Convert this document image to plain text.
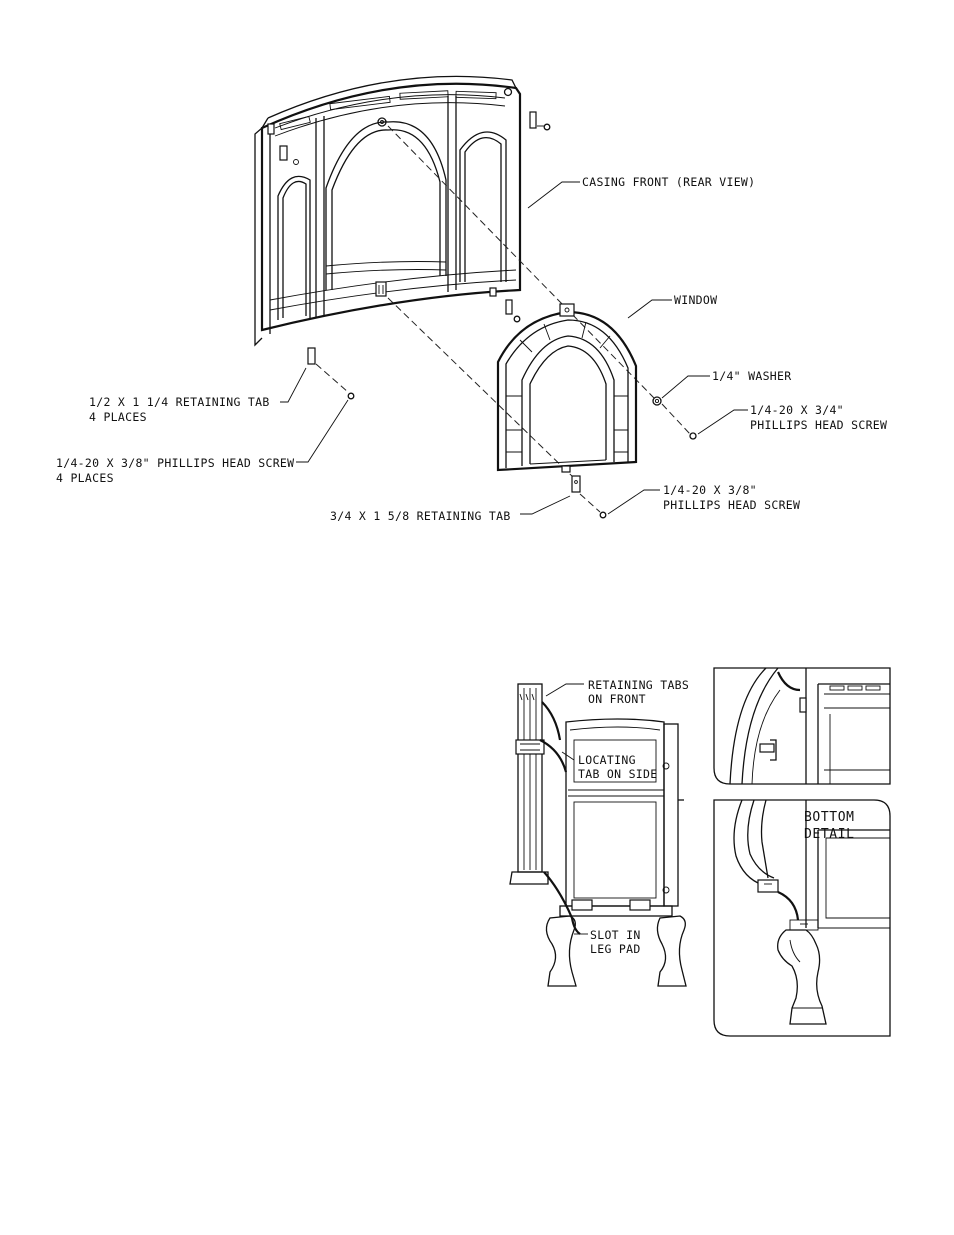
CASING FRONT (REAR VIEW)
WINDOW
1/4" WASHER
1/4-20 X 3/4"
PHILLIPS HEAD SCREW
1/2 X 1 1/4 RETAINING TAB
4 PLACES
1/4-20 X 3/8" PHILLIPS HEAD SCREW
4 PLACES
3/4 X 1 5/8 RETAINING TAB
1/4-20 X 3/8"
PHILLIPS HEAD SCREW
RETAINING TABS
ON FRONT
LOCATING
TAB ON SIDE
SLOT IN
LEG PAD
BOTTOM
DETAIL
